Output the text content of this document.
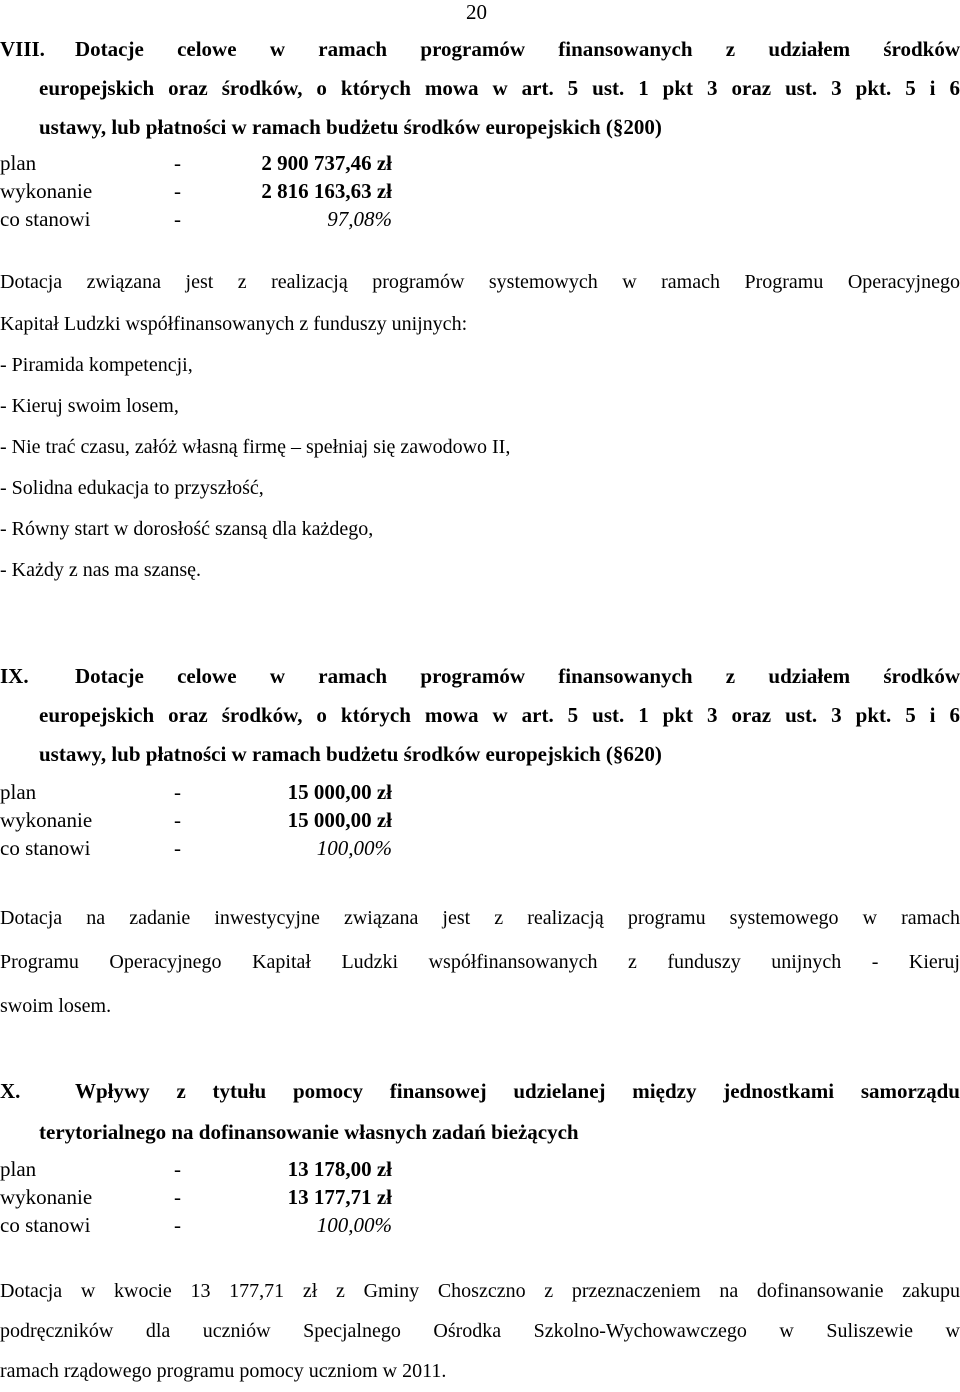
20
VIII.	Dotacje celowe w ramach programów finansowanych z udziałem środków
europejskich oraz środków, o których mowa w art. 5 ust. 1 pkt 3 oraz ust. 3 pkt. 5 i 6
ustawy, lub płatności w ramach budżetu środków europejskich (§200)
plan	-	2 900 737,46 zł
wykonanie	-	2 816 163,63 zł
co stanowi	-	97,08%
Dotacja związana jest z realizacją programów systemowych w ramach Programu Operacyjnego
Kapitał Ludzki współfinansowanych z funduszy unijnych:
- Piramida kompetencji,
- Kieruj swoim losem,
- Nie trać czasu, załóż własną firmę – spełniaj się zawodowo II,
- Solidna edukacja to przyszłość,
- Równy start w dorosłość szansą dla każdego,
- Każdy z nas ma szansę.
IX.	Dotacje celowe w ramach programów finansowanych z udziałem środków
europejskich oraz środków, o których mowa w art. 5 ust. 1 pkt 3 oraz ust. 3 pkt. 5 i 6
ustawy, lub płatności w ramach budżetu środków europejskich (§620)
plan	-	15 000,00 zł
wykonanie	-	15 000,00 zł
co stanowi	-	100,00%
Dotacja na zadanie inwestycyjne związana jest z realizacją programu systemowego w ramach
Programu Operacyjnego Kapitał Ludzki współfinansowanych z funduszy unijnych - Kieruj
swoim losem.
X.	Wpływy z tytułu pomocy finansowej udzielanej między jednostkami samorządu
terytorialnego na dofinansowanie własnych zadań bieżących
plan	-	13 178,00 zł
wykonanie	-	13 177,71 zł
co stanowi	-	100,00%
Dotacja w kwocie 13 177,71 zł z Gminy Choszczno z przeznaczeniem na dofinansowanie zakupu
podręczników dla uczniów Specjalnego Ośrodka Szkolno-Wychowawczego w Suliszewie w
ramach rządowego programu pomocy uczniom w 2011.
